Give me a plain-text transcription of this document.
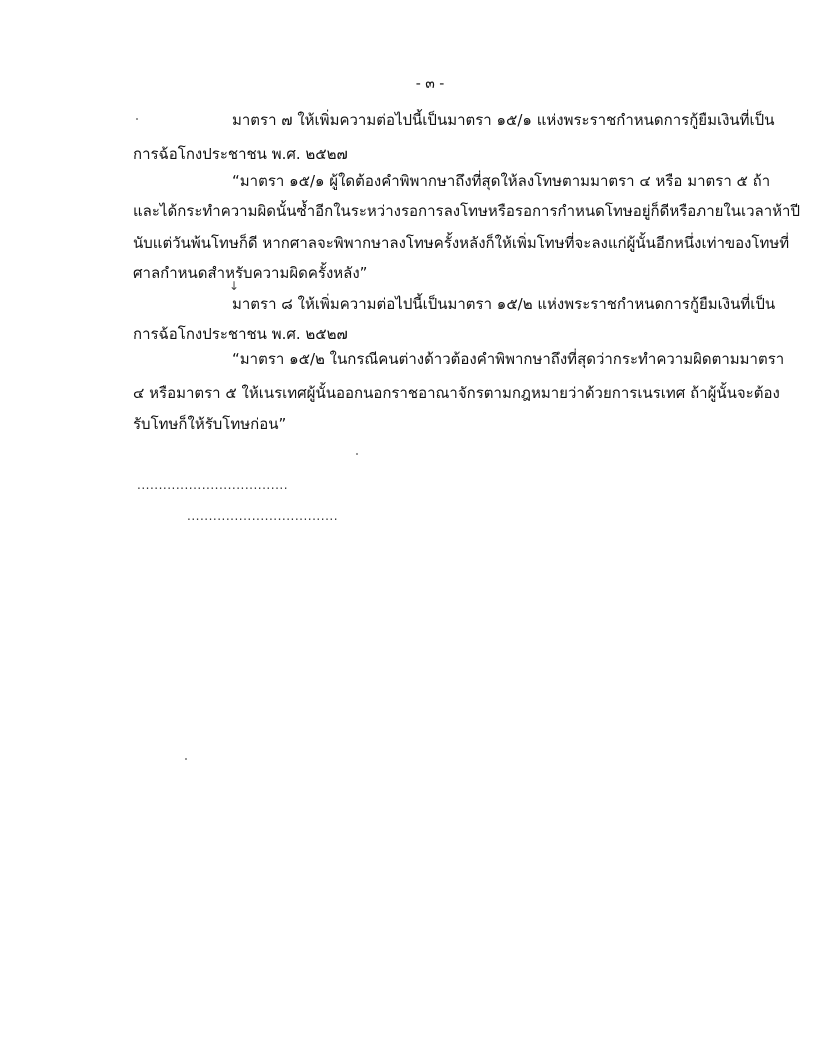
- ๓ -
มาตรา ๗ ให้เพิ่มความต่อไปนี้เป็นมาตรา ๑๕/๑ แห่งพระราชกำหนดการกู้ยืมเงินที่เป็น
การฉ้อโกงประชาชน พ.ศ. ๒๕๒๗
“มาตรา ๑๕/๑ ผู้ใดต้องคำพิพากษาถึงที่สุดให้ลงโทษตามมาตรา ๔ หรือ มาตรา ๕ ถ้า
และได้กระทำความผิดนั้นซ้ำอีกในระหว่างรอการลงโทษหรือรอการกำหนดโทษอยู่ก็ดีหรือภายในเวลาห้าปี
นับแต่วันพ้นโทษก็ดี หากศาลจะพิพากษาลงโทษครั้งหลังก็ให้เพิ่มโทษที่จะลงแก่ผู้นั้นอีกหนึ่งเท่าของโทษที่
ศาลกำหนดสำหรับความผิดครั้งหลัง”
↓
มาตรา ๘ ให้เพิ่มความต่อไปนี้เป็นมาตรา ๑๕/๒ แห่งพระราชกำหนดการกู้ยืมเงินที่เป็น
การฉ้อโกงประชาชน พ.ศ. ๒๕๒๗
“มาตรา ๑๕/๒ ในกรณีคนต่างด้าวต้องคำพิพากษาถึงที่สุดว่ากระทำความผิดตามมาตรา
๔ หรือมาตรา ๕ ให้เนรเทศผู้นั้นออกนอกราชอาณาจักรตามกฎหมายว่าด้วยการเนรเทศ ถ้าผู้นั้นจะต้อง
รับโทษก็ให้รับโทษก่อน”
...................................
...................................
